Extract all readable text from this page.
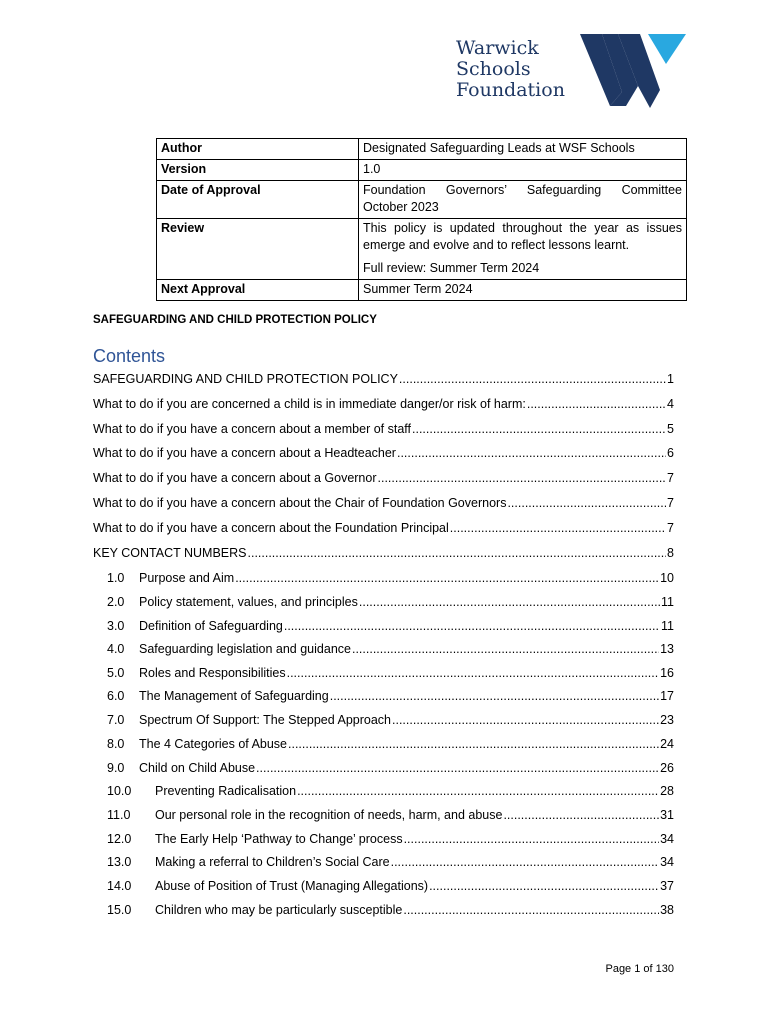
Warwick
Schools
Foundation
Author	Designated Safeguarding Leads at WSF Schools
Version	1.0
Date of Approval	Foundation Governors’ Safeguarding Committee
October 2023

Review	This policy is updated throughout the year as issues emerge and evolve and to reflect lessons learnt.
Full review: Summer Term 2024

Next Approval	Summer Term 2024
SAFEGUARDING AND CHILD PROTECTION POLICY
Contents
SAFEGUARDING AND CHILD PROTECTION POLICY .....	1
What to do if you are concerned a child is in immediate danger/or risk of harm: .....	4
What to do if you have a concern about a member of staff .....	5
What to do if you have a concern about a Headteacher .....	6
What to do if you have a concern about a Governor .....	7
What to do if you have a concern about the Chair of Foundation Governors .....	7
What to do if you have a concern about the Foundation Principal .....	7
KEY CONTACT NUMBERS .....	8
1.0	Purpose and Aim .....	10
2.0	Policy statement, values, and principles .....	11
3.0	Definition of Safeguarding .....	11
4.0	Safeguarding legislation and guidance .....	13
5.0	Roles and Responsibilities .....	16
6.0	The Management of Safeguarding .....	17
7.0	Spectrum Of Support: The Stepped Approach .....	23
8.0	The 4 Categories of Abuse .....	24
9.0	Child on Child Abuse .....	26
10.0	Preventing Radicalisation .....	28
11.0	Our personal role in the recognition of needs, harm, and abuse .....	31
12.0	The Early Help ‘Pathway to Change’ process .....	34
13.0	Making a referral to Children’s Social Care .....	34
14.0	Abuse of Position of Trust (Managing Allegations) .....	37
15.0	Children who may be particularly susceptible .....	38
Page 1 of 130
